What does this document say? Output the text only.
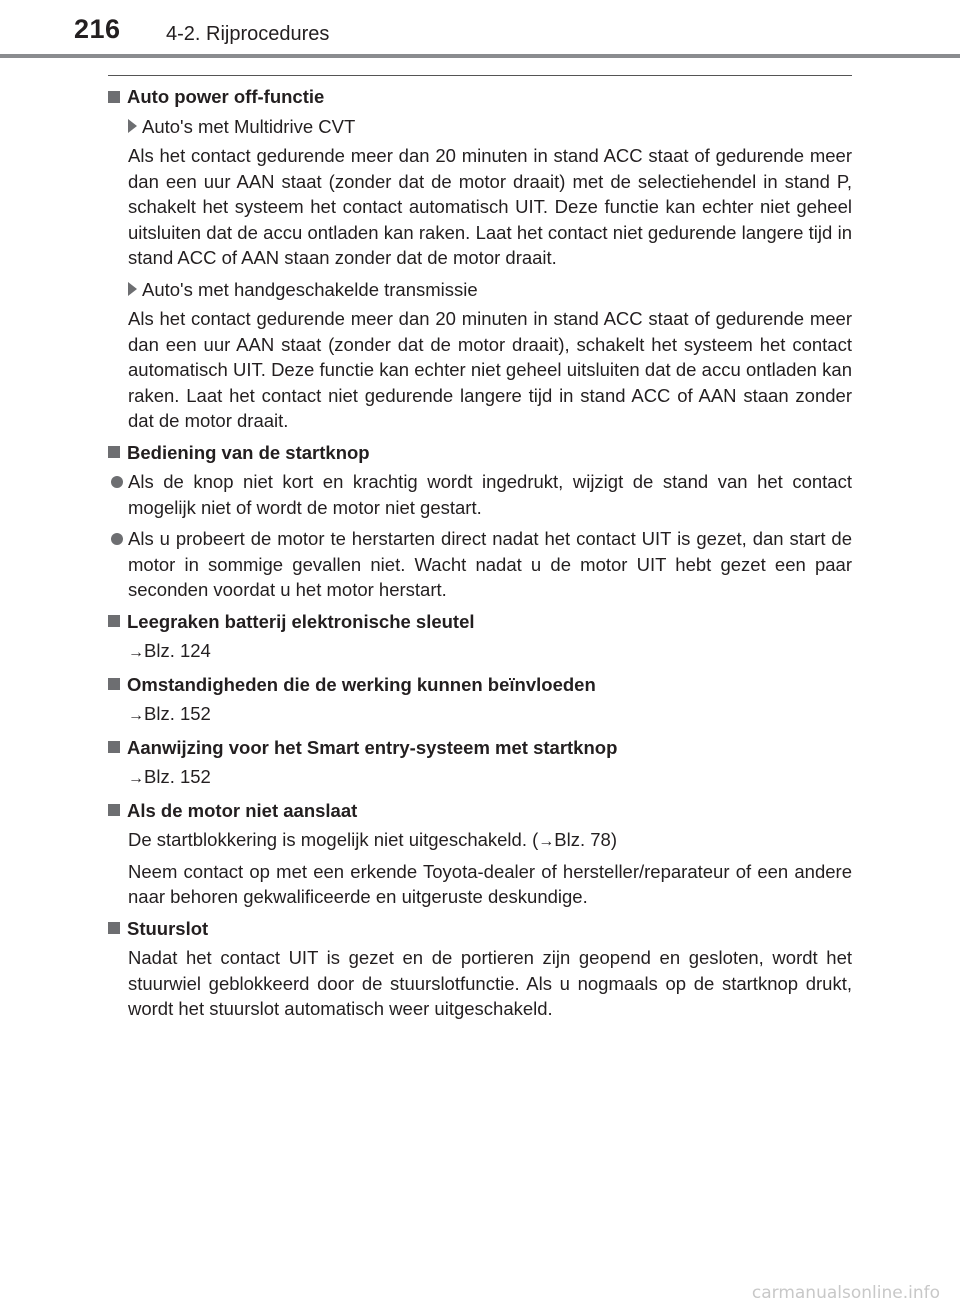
216 4-2. Rijprocedures
Auto power off-functie
Auto's met Multidrive CVT
Als het contact gedurende meer dan 20 minuten in stand ACC staat of gedurende meer dan een uur AAN staat (zonder dat de motor draait) met de selectiehendel in stand P, schakelt het systeem het contact automatisch UIT. Deze functie kan echter niet geheel uitsluiten dat de accu ontladen kan raken. Laat het contact niet gedurende langere tijd in stand ACC of AAN staan zonder dat de motor draait.
Auto's met handgeschakelde transmissie
Als het contact gedurende meer dan 20 minuten in stand ACC staat of gedurende meer dan een uur AAN staat (zonder dat de motor draait), schakelt het systeem het contact automatisch UIT. Deze functie kan echter niet geheel uitsluiten dat de accu ontladen kan raken. Laat het contact niet gedurende langere tijd in stand ACC of AAN staan zonder dat de motor draait.
Bediening van de startknop
Als de knop niet kort en krachtig wordt ingedrukt, wijzigt de stand van het contact mogelijk niet of wordt de motor niet gestart.
Als u probeert de motor te herstarten direct nadat het contact UIT is gezet, dan start de motor in sommige gevallen niet. Wacht nadat u de motor UIT hebt gezet een paar seconden voordat u het motor herstart.
Leegraken batterij elektronische sleutel
→Blz. 124
Omstandigheden die de werking kunnen beïnvloeden
→Blz. 152
Aanwijzing voor het Smart entry-systeem met startknop
→Blz. 152
Als de motor niet aanslaat
De startblokkering is mogelijk niet uitgeschakeld. (→Blz. 78)
Neem contact op met een erkende Toyota-dealer of hersteller/reparateur of een andere naar behoren gekwalificeerde en uitgeruste deskundige.
Stuurslot
Nadat het contact UIT is gezet en de portieren zijn geopend en gesloten, wordt het stuurwiel geblokkeerd door de stuurslotfunctie. Als u nogmaals op de startknop drukt, wordt het stuurslot automatisch weer uitgeschakeld.
carmanualsonline.info
